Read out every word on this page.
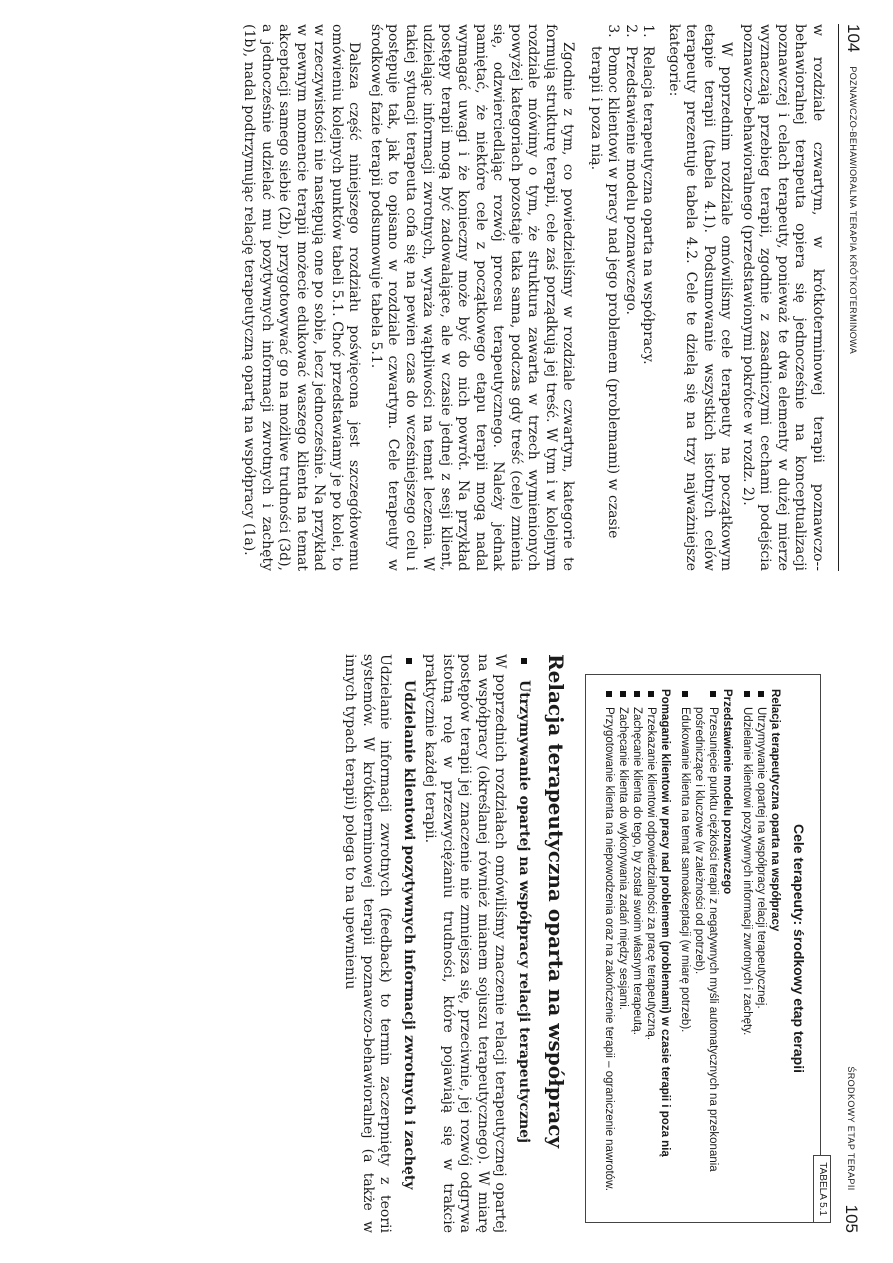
104
POZNAWCZO-BEHAWIORALNA TERAPIA KRÓTKOTERMINOWA

w rozdziale czwartym, w krótkoterminowej terapii poznawczo--behawioralnej terapeuta opiera się jednocześnie na konceptualizacji poznawczej i celach terapeuty, ponieważ te dwa elementy w dużej mierze wyznaczają przebieg terapii, zgodnie z zasadniczymi cechami podejścia poznawczo-behawioralnego (przedstawionymi pokrótce w rozdz. 2).

W poprzednim rozdziale omówiliśmy cele terapeuty na początkowym etapie terapii (tabela 4.1). Podsumowanie wszystkich istotnych celów terapeuty prezentuje tabela 4.2. Cele te dzielą się na trzy najważniejsze kategorie:

1. Relacja terapeutyczna oparta na współpracy.
2. Przedstawienie modelu poznawczego.
3. Pomoc klientowi w pracy nad jego problemem (problemami) w czasie terapii i poza nią.

Zgodnie z tym, co powiedzieliśmy w rozdziale czwartym, kategorie te formują strukturę terapii, cele zaś porządkują jej treść. W tym i w kolejnym rozdziale mówimy o tym, że struktura zawarta w trzech wymienionych powyżej kategoriach pozostaje taka sama, podczas gdy treść (cele) zmienia się, odzwierciedlając rozwój procesu terapeutycznego. Należy jednak pamiętać, że niektóre cele z początkowego etapu terapii mogą nadal wymagać uwagi i że konieczny może być do nich powrót. Na przykład postępy terapii mogą być zadowalające, ale w czasie jednej z sesji klient, udzielając informacji zwrotnych, wyraża wątpliwości na temat leczenia. W takiej sytuacji terapeuta cofa się na pewien czas do wcześniejszego celu i postępuje tak, jak to opisano w rozdziale czwartym. Cele terapeuty w środkowej fazie terapii podsumowuje tabela 5.1.

Dalsza część niniejszego rozdziału poświęcona jest szczegółowemu omówieniu kolejnych punktów tabeli 5.1. Choć przedstawiamy je po kolei, to w rzeczywistości nie następują one po sobie, lecz jednocześnie. Na przykład w pewnym momencie terapii możecie edukować waszego klienta na temat akceptacji samego siebie (2b), przygotowywać go na możliwe trudności (3d), a jednocześnie udzielać mu pozytywnych informacji zwrotnych i zachęty (1b), nadal podtrzymując relację terapeutyczną opartą na współpracy (1a).

ŚRODKOWY ETAP TERAPII
105
TABELA 5.1
Cele terapeuty: środkowy etap terapii
Relacja terapeutyczna oparta na współpracy
Utrzymywanie opartej na współpracy relacji terapeutycznej.
Udzielanie klientowi pozytywnych informacji zwrotnych i zachęty.
Przedstawienie modelu poznawczego
Przesunięcie punktu ciężkości terapii z negatywnych myśli automatycznych na przekonania pośredniczące i kluczowe (w zależności od potrzeb).
Edukowanie klienta na temat samoakceptacji (w miarę potrzeb).
Pomaganie klientowi w pracy nad problemem (problemami) w czasie terapii i poza nią
Przekazanie klientowi odpowiedzialności za pracę terapeutyczną.
Zachęcanie klienta do tego, by został swoim własnym terapeutą.
Zachęcanie klienta do wykonywania zadań między sesjami.
Przygotowanie klienta na niepowodzenia oraz na zakończenie terapii – ograniczenie nawrotów.
Relacja terapeutyczna oparta na współpracy
Utrzymywanie opartej na współpracy relacji terapeutycznej

W poprzednich rozdziałach omówiliśmy znaczenie relacji terapeutycznej opartej na współpracy (określanej również mianem sojuszu terapeutycznego). W miarę postępów terapii jej znaczenie nie zmniejsza się, przeciwnie, jej rozwój odgrywa istotną rolę w przezwyciężaniu trudności, które pojawiają się w trakcie praktycznie każdej terapii.

Udzielanie klientowi pozytywnych informacji zwrotnych i zachęty

Udzielanie informacji zwrotnych (feedback) to termin zaczerpnięty z teorii systemów. W krótkoterminowej terapii poznawczo-behawioralnej (a także w innych typach terapii) polega to na upewnieniu
